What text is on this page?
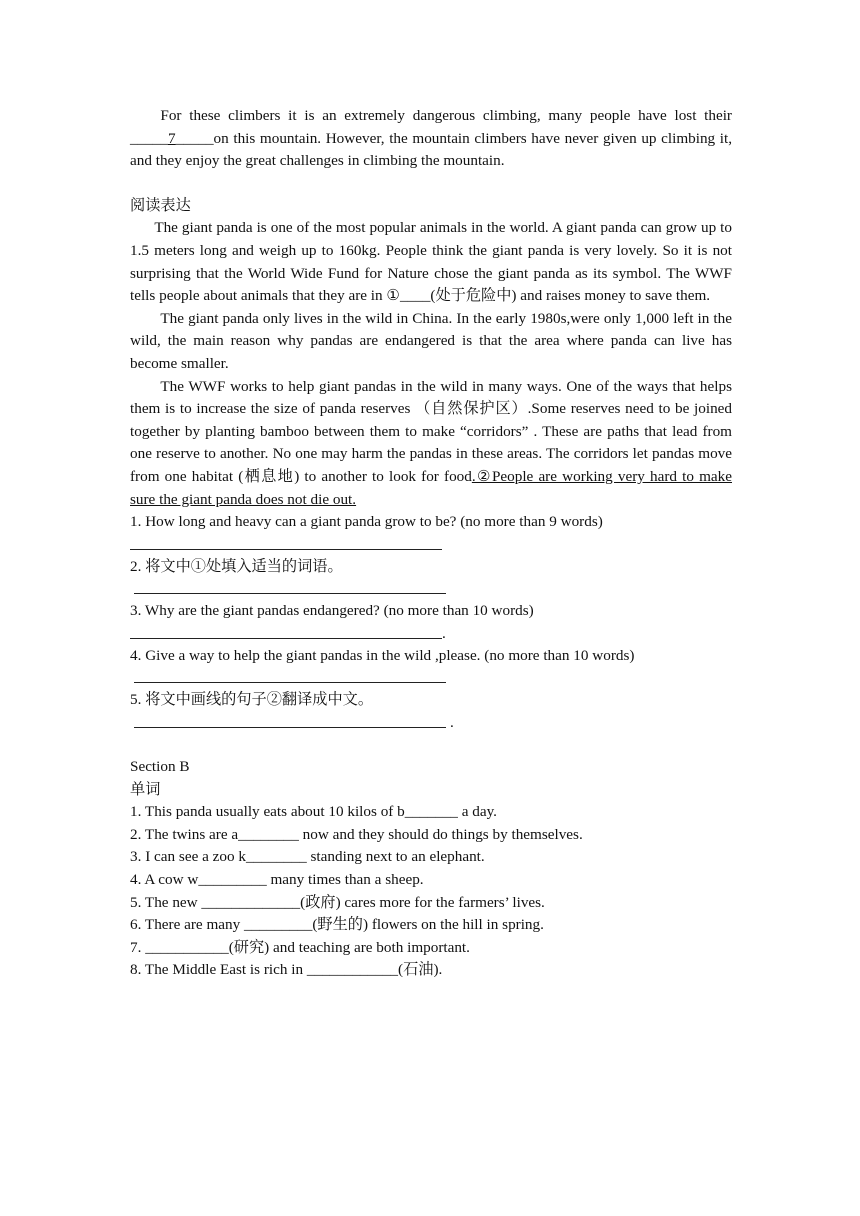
For these climbers it is an extremely dangerous climbing, many people have lost their _____7_____on this mountain. However, the mountain climbers have never given up climbing it, and they enjoy the great challenges in climbing the mountain.

阅读表达

The giant panda is one of the most popular animals in the world. A giant panda can grow up to 1.5 meters long and weigh up to 160kg. People think the giant panda is very lovely. So it is not surprising that the World Wide Fund for Nature chose the giant panda as its symbol. The WWF tells people about animals that they are in ①____(处于危险中) and raises money to save them.

The giant panda only lives in the wild in China. In the early 1980s,were only 1,000 left in the wild, the main reason why pandas are endangered is that the area where panda can live has become smaller.

The WWF works to help giant pandas in the wild in many ways. One of the ways that helps them is to increase the size of panda reserves （自然保护区）.Some reserves need to be joined together by planting bamboo between them to make “corridors” . These are paths that lead from one reserve to another. No one may harm the pandas in these areas. The corridors let pandas move from one habitat (栖息地) to another to look for food.②People are working very hard to make sure the giant panda does not die out.

1. How long and heavy can a giant panda grow to be? (no more than 9 words)

2. 将文中①处填入适当的词语。

3. Why are the giant pandas endangered? (no more than 10 words)

.

4. Give a way to help the giant pandas in the wild ,please. (no more than 10 words)

5. 将文中画线的句子②翻译成中文。

.

Section B

单词

1. This panda usually eats about 10 kilos of b_______ a day.

2. The twins are a________ now and they should do things by themselves.

3. I can see a zoo k________ standing next to an elephant.

4. A cow w_________ many times than a sheep.

5. The new _____________(政府) cares more for the farmers’ lives.

6. There are many _________(野生的) flowers on the hill in spring.

7. ___________(研究) and teaching are both important.

8. The Middle East is rich in ____________(石油).
